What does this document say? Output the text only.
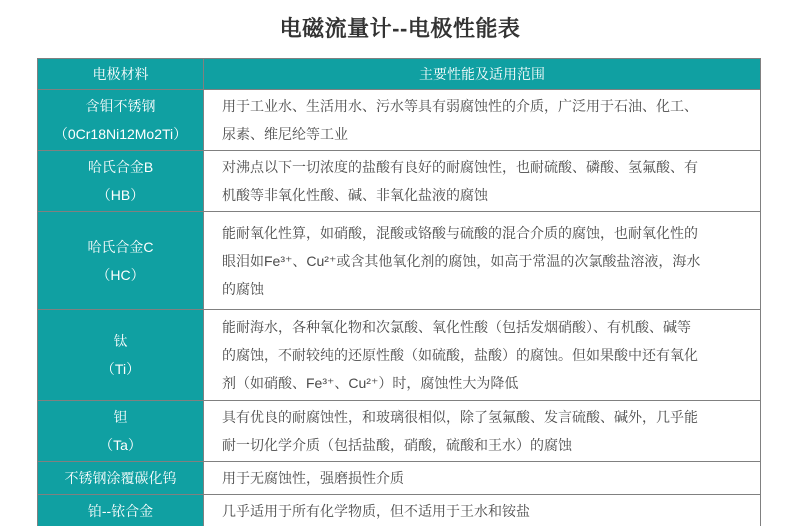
电磁流量计--电极性能表
电极材料	主要性能及适用范围

含钼不锈钢
（0Cr18Ni12Mo2Ti）	用于工业水、生活用水、污水等具有弱腐蚀性的介质，广泛用于石油、化工、尿素、维尼纶等工业

哈氏合金B
（HB）	对沸点以下一切浓度的盐酸有良好的耐腐蚀性，也耐硫酸、磷酸、氢氟酸、有机酸等非氧化性酸、碱、非氧化盐液的腐蚀

哈氏合金C
（HC）	能耐氧化性算，如硝酸，混酸或铬酸与硫酸的混合介质的腐蚀，也耐氧化性的眼泪如Fe³⁺、Cu²⁺或含其他氧化剂的腐蚀，如高于常温的次氯酸盐溶液，海水的腐蚀

钛
（Ti）	能耐海水，各种氧化物和次氯酸、氧化性酸（包括发烟硝酸）、有机酸、碱等的腐蚀，不耐较纯的还原性酸（如硫酸，盐酸）的腐蚀。但如果酸中还有氧化剂（如硝酸、Fe³⁺、Cu²⁺）时，腐蚀性大为降低

钽
（Ta）	具有优良的耐腐蚀性，和玻璃很相似，除了氢氟酸、发言硫酸、碱外，几乎能耐一切化学介质（包括盐酸，硝酸，硫酸和王水）的腐蚀

不锈钢涂覆碳化钨	用于无腐蚀性，强磨损性介质

铂--铱合金	几乎适用于所有化学物质，但不适用于王水和铵盐
